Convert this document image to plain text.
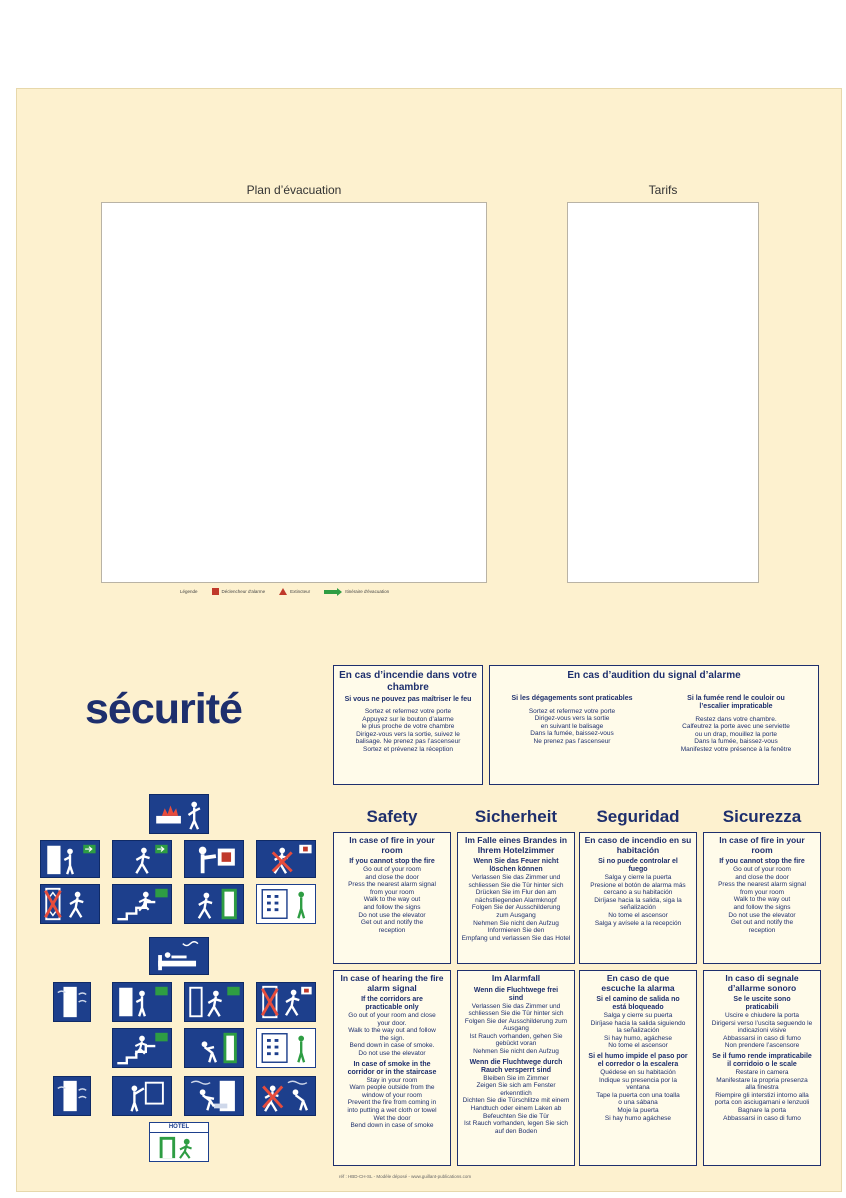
Plan d’évacuation	Tarifs
Légende	Déclencheur d'alarme	Extincteur	Itinéraire d'évacuation
sécurité
En cas d’incendie dans votre chambre
Si vous ne pouvez pas maîtriser le feu
Sortez et refermez votre porte
Appuyez sur le bouton d’alarme
le plus proche de votre chambre
Dirigez-vous vers la sortie, suivez le
balisage. Ne prenez pas l’ascenseur
Sortez et prévenez la réception
En cas d’audition du signal d’alarme
Si les dégagements sont praticables
Sortez et refermez votre porte
Dirigez-vous vers la sortie
en suivant le balisage
Dans la fumée, baissez-vous
Ne prenez pas l’ascenseur
Si la fumée rend le couloir ou l’escalier impraticable
Restez dans votre chambre.
Calfeutrez la porte avec une serviette
ou un drap, mouillez la porte
Dans la fumée, baissez-vous
Manifestez votre présence à la fenêtre
Safety	Sicherheit	Seguridad	Sicurezza
In case of fire in your room
If you cannot stop the fire
Go out of your room
and close the door
Press the nearest alarm signal
from your room
Walk to the way out
and follow the signs
Do not use the elevator
Get out and notify the
reception
Im Falle eines Brandes in Ihrem Hotelzimmer
Wenn Sie das Feuer nicht löschen können
Verlassen Sie das Zimmer und
schliessen Sie die Tür hinter sich
Drücken Sie im Flur den am
nächstliegenden Alarmknopf
Folgen Sie der Ausschilderung
zum Ausgang
Nehmen Sie nicht den Aufzug
Informieren Sie den
Empfang und verlassen Sie das Hotel
En caso de incendio en su habitación
Si no puede controlar el fuego
Salga y cierre la puerta
Presione el botón de alarma más
cercano a su habitación
Diríjase hacia la salida, siga la
señalización
No tome el ascensor
Salga y avísele a la recepción
In case of fire in your room
If you cannot stop the fire
Go out of your room
and close the door
Press the nearest alarm signal
from your room
Walk to the way out
and follow the signs
Do not use the elevator
Get out and notify the
reception
In case of hearing the fire alarm signal
If the corridors are practicable only
Go out of your room and close
your door.
Walk to the way out and follow
the sign.
Bend down in case of smoke.
Do not use the elevator
In case of smoke in the corridor or in the staircase
Stay in your room
Warn people outside from the
window of your room
Prevent the fire from coming in
into putting a wet cloth or towel
Wet the door
Bend down in case of smoke
Im Alarmfall
Wenn die Fluchtwege frei sind
Verlassen Sie das Zimmer und
schliessen Sie die Tür hinter sich
Folgen Sie der Ausschilderung zum
Ausgang
Ist Rauch vorhanden, gehen Sie
gebückt voran
Nehmen Sie nicht den Aufzug
Wenn die Fluchtwege durch Rauch versperrt sind
Bleiben Sie im Zimmer
Zeigen Sie sich am Fenster
erkenntlich
Dichten Sie die Türschlitze mit einem
Handtuch oder einem Laken ab
Befeuchten Sie die Tür
Ist Rauch vorhanden, legen Sie sich
auf den Boden
En caso de que escuche la alarma
Si el camino de salida no está bloqueado
Salga y cierre su puerta
Diríjase hacia la salida siguiendo
la señalización
Si hay humo, agáchese
No tome el ascensor
Si el humo impide el paso por el corredor o la escalera
Quédese en su habitación
Indique su presencia por la
ventana
Tape la puerta con una toalla
o una sábana
Moje la puerta
Si hay humo agáchese
In caso di segnale d’allarme sonoro
Se le uscite sono praticabili
Uscire e chiudere la porta
Dirigersi verso l’uscita seguendo le
indicazioni visive
Abbassarsi in caso di fumo
Non prendere l’ascensore
Se il fumo rende impraticabile il corridoio o le scale
Restare in camera
Manifestare la propria presenza
alla finestra
Riempire gli interstizi intorno alla
porta con asciugamani e lenzuoli
Bagnare la porta
Abbassarsi in caso di fumo
HÔTEL
réf : HBD-CH-SL - Modèle déposé - www.guillant-publications.com
